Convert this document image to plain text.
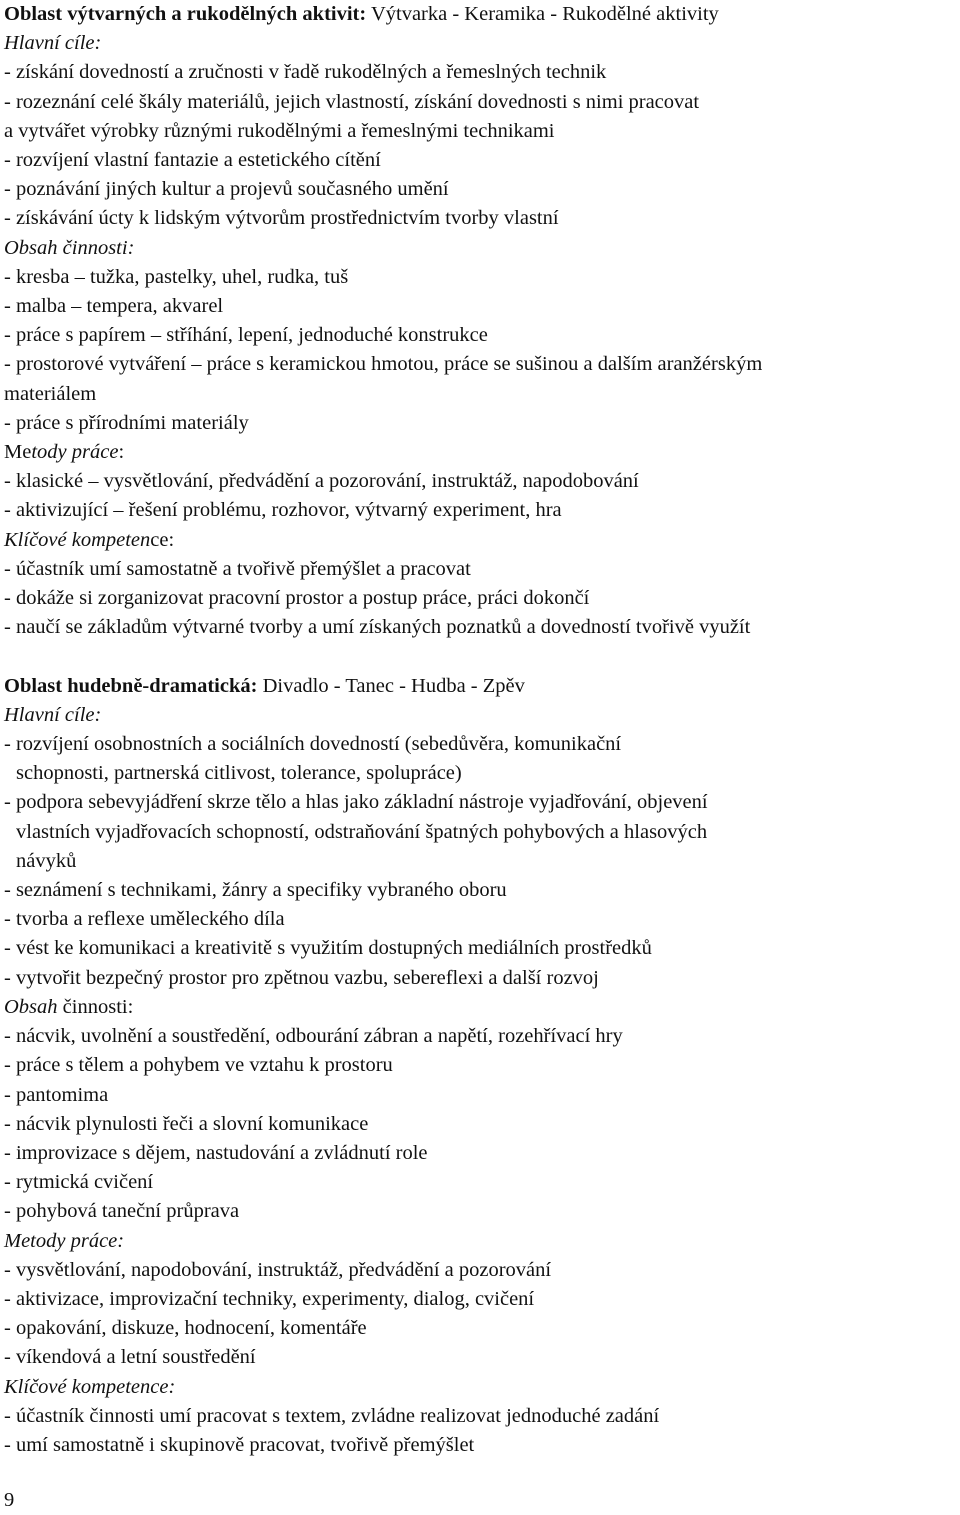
Oblast výtvarných a rukodělných aktivit: Výtvarka - Keramika - Rukodělné aktivity

Hlavní cíle:

- získání dovedností a zručnosti v řadě rukodělných a řemeslných technik

- rozeznání celé škály materiálů, jejich vlastností, získání dovednosti s nimi pracovat

a vytvářet výrobky různými rukodělnými a řemeslnými technikami

- rozvíjení vlastní fantazie a estetického cítění

- poznávání jiných kultur a projevů současného umění

- získávání úcty k lidským výtvorům prostřednictvím tvorby vlastní

Obsah činnosti:

- kresba – tužka, pastelky, uhel, rudka, tuš

- malba – tempera, akvarel

- práce s papírem – stříhání, lepení, jednoduché konstrukce

- prostorové vytváření – práce s keramickou hmotou, práce se sušinou a dalším aranžérským

materiálem

- práce s přírodními materiály

Metody práce:

- klasické – vysvětlování, předvádění a pozorování, instruktáž, napodobování

- aktivizující – řešení problému, rozhovor, výtvarný experiment, hra

Klíčové kompetence:

- účastník umí samostatně a tvořivě přemýšlet a pracovat

- dokáže si zorganizovat pracovní prostor a postup práce, práci dokončí

- naučí se základům výtvarné tvorby a umí získaných poznatků a dovedností tvořivě využít

Oblast hudebně-dramatická: Divadlo - Tanec - Hudba - Zpěv

Hlavní cíle:

- rozvíjení osobnostních a sociálních dovedností (sebedůvěra, komunikační

schopnosti, partnerská citlivost, tolerance, spolupráce)

- podpora sebevyjádření skrze tělo a hlas jako základní nástroje vyjadřování, objevení

vlastních vyjadřovacích schopností, odstraňování špatných pohybových a hlasových

návyků

- seznámení s technikami, žánry a specifiky vybraného oboru

- tvorba a reflexe uměleckého díla

- vést ke komunikaci a kreativitě s využitím dostupných mediálních prostředků

- vytvořit bezpečný prostor pro zpětnou vazbu, sebereflexi a další rozvoj

Obsah činnosti:

- nácvik, uvolnění a soustředění, odbourání zábran a napětí, rozehřívací hry

- práce s tělem a pohybem ve vztahu k prostoru

- pantomima

- nácvik plynulosti řeči a slovní komunikace

- improvizace s dějem, nastudování a zvládnutí role

- rytmická cvičení

- pohybová taneční průprava

Metody práce:

- vysvětlování, napodobování, instruktáž, předvádění a pozorování

- aktivizace, improvizační techniky, experimenty, dialog, cvičení

- opakování, diskuze, hodnocení, komentáře

- víkendová a letní soustředění

Klíčové kompetence:

- účastník činnosti umí pracovat s textem, zvládne realizovat jednoduché zadání

- umí samostatně i skupinově pracovat, tvořivě přemýšlet

9
